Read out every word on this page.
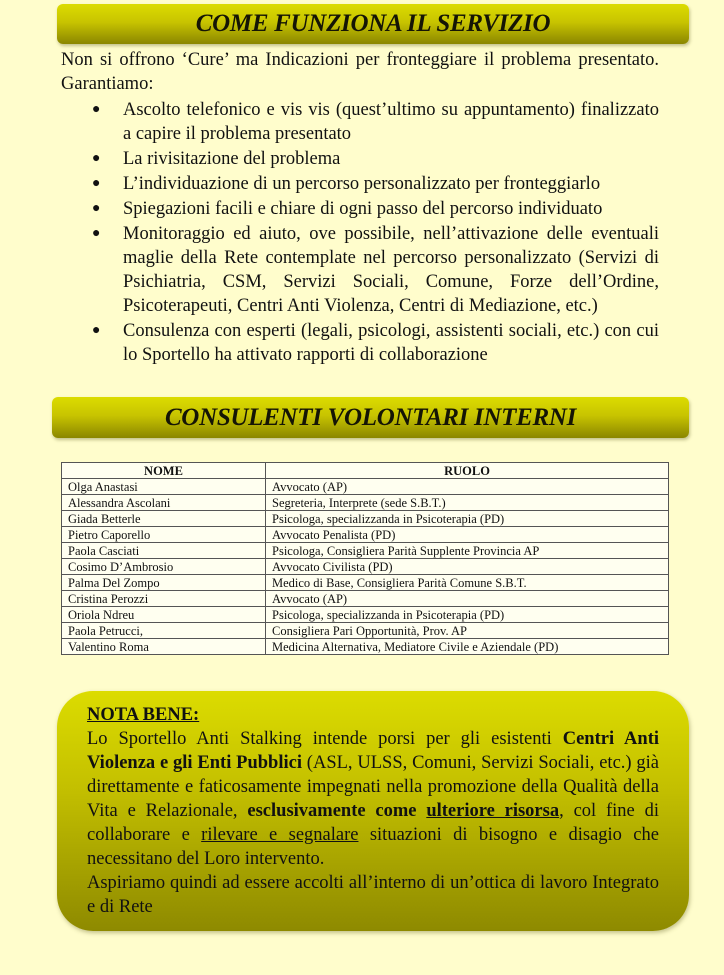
COME FUNZIONA IL SERVIZIO

Non si offrono ‘Cure’ ma Indicazioni per fronteggiare il problema presentato. Garantiamo:

● Ascolto telefonico e vis vis (quest’ultimo su appuntamento) finalizzato a capire il problema presentato
● La rivisitazione del problema
● L’individuazione di un percorso personalizzato per fronteggiarlo
● Spiegazioni facili e chiare di ogni passo del percorso individuato
● Monitoraggio ed aiuto, ove possibile, nell’attivazione delle eventuali maglie della Rete contemplate nel percorso personalizzato (Servizi di Psichiatria, CSM, Servizi Sociali, Comune, Forze dell’Ordine, Psicoterapeuti, Centri Anti Violenza, Centri di Mediazione, etc.)
● Consulenza con esperti (legali, psicologi, assistenti sociali, etc.) con cui lo Sportello ha attivato rapporti di collaborazione
CONSULENTI VOLONTARI INTERNI
NOME	RUOLO
Olga Anastasi	Avvocato (AP)
Alessandra Ascolani	Segreteria, Interprete (sede S.B.T.)
Giada Betterle	Psicologa, specializzanda in Psicoterapia (PD)
Pietro Caporello	Avvocato Penalista (PD)
Paola Casciati	Psicologa, Consigliera Parità Supplente Provincia AP
Cosimo D’Ambrosio	Avvocato Civilista (PD)
Palma Del Zompo	Medico di Base, Consigliera Parità Comune S.B.T.
Cristina Perozzi	Avvocato (AP)
Oriola Ndreu	Psicologa, specializzanda in Psicoterapia (PD)
Paola Petrucci,	Consigliera Pari Opportunità, Prov. AP
Valentino Roma	Medicina Alternativa, Mediatore Civile e Aziendale (PD)
NOTA BENE:
Lo Sportello Anti Stalking intende porsi per gli esistenti Centri Anti Violenza e gli Enti Pubblici (ASL, ULSS, Comuni, Servizi Sociali, etc.) già direttamente e faticosamente impegnati nella promozione della Qualità della Vita e Relazionale, esclusivamente come ulteriore risorsa, col fine di collaborare e rilevare e segnalare situazioni di bisogno e disagio che necessitano del Loro intervento.
Aspiriamo quindi ad essere accolti all’interno di un’ottica di lavoro Integrato e di Rete
